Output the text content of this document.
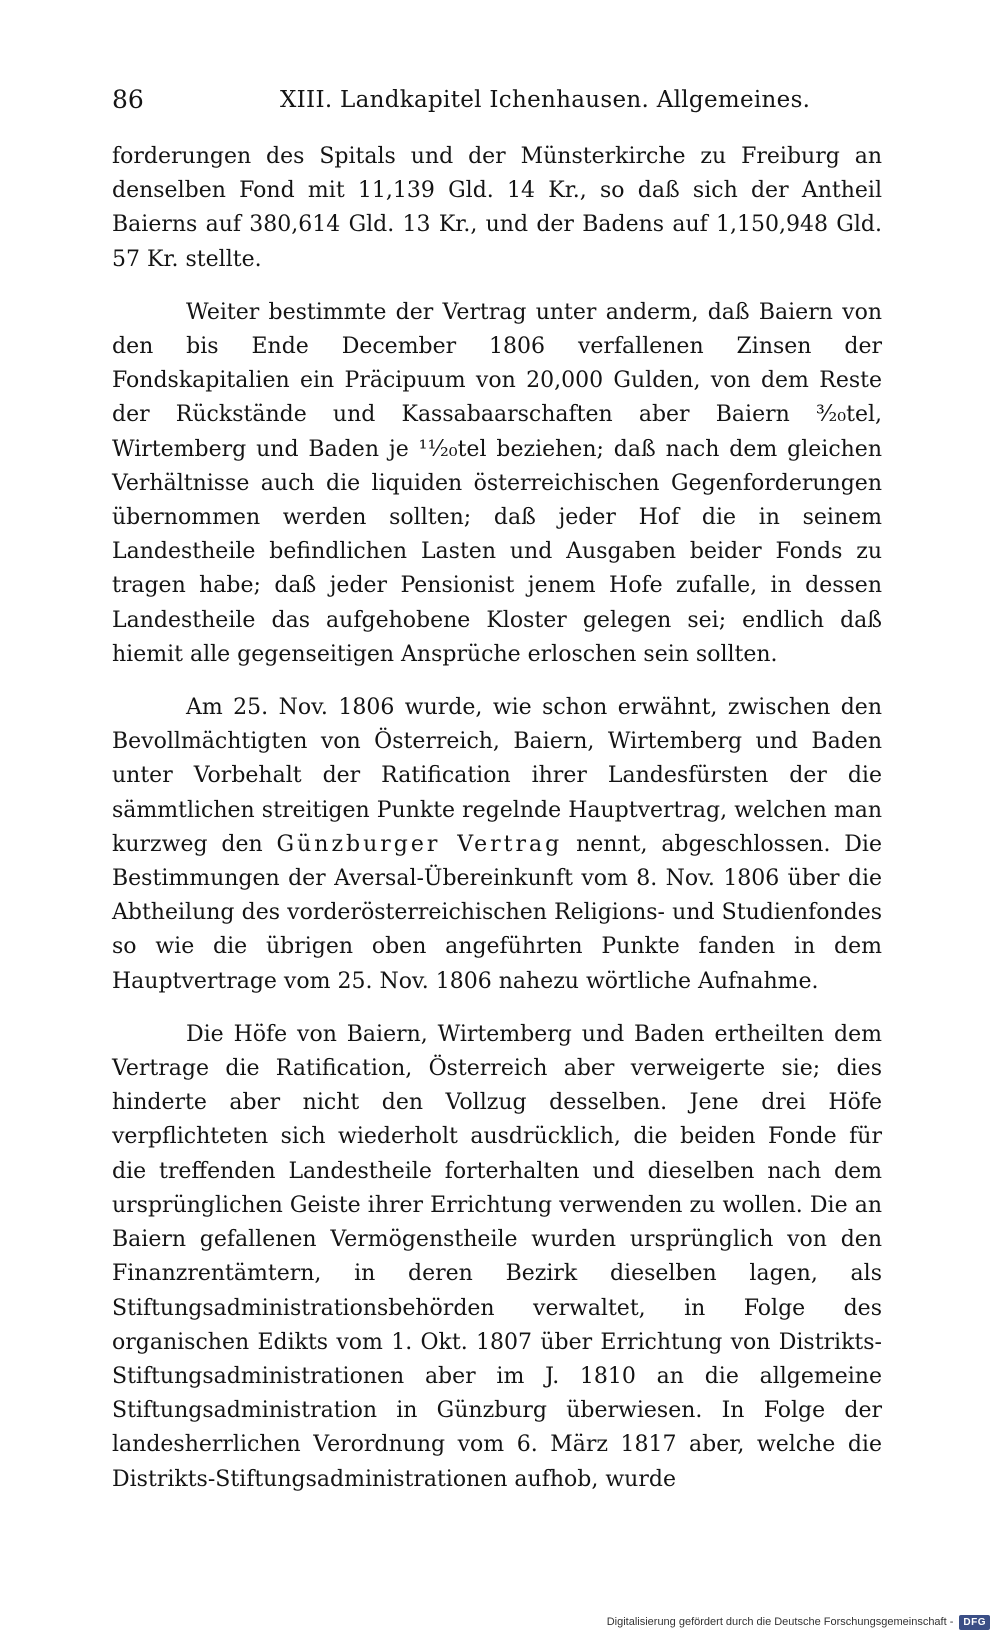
86	XIII. Landkapitel Ichenhausen. Allgemeines.

forderungen des Spitals und der Münsterkirche zu Freiburg an denselben Fond mit 11,139 Gld. 14 Kr., so daß sich der Antheil Baierns auf 380,614 Gld. 13 Kr., und der Badens auf 1,150,948 Gld. 57 Kr. stellte.

Weiter bestimmte der Vertrag unter anderm, daß Baiern von den bis Ende December 1806 verfallenen Zinsen der Fondskapitalien ein Präcipuum von 20,000 Gulden, von dem Reste der Rückstände und Kassabaarschaften aber Baiern ³⁄₂₀tel, Wirtemberg und Baden je ¹¹⁄₂₀tel beziehen; daß nach dem gleichen Verhältnisse auch die liquiden österreichischen Gegenforderungen übernommen werden sollten; daß jeder Hof die in seinem Landestheile befindlichen Lasten und Ausgaben beider Fonds zu tragen habe; daß jeder Pensionist jenem Hofe zufalle, in dessen Landestheile das aufgehobene Kloster gelegen sei; endlich daß hiemit alle gegenseitigen Ansprüche erloschen sein sollten.

Am 25. Nov. 1806 wurde, wie schon erwähnt, zwischen den Bevollmächtigten von Österreich, Baiern, Wirtemberg und Baden unter Vorbehalt der Ratification ihrer Landesfürsten der die sämmtlichen streitigen Punkte regelnde Hauptvertrag, welchen man kurzweg den Günzburger Vertrag nennt, abgeschlossen. Die Bestimmungen der Aversal-Übereinkunft vom 8. Nov. 1806 über die Abtheilung des vorderösterreichischen Religions- und Studienfondes so wie die übrigen oben angeführten Punkte fanden in dem Hauptvertrage vom 25. Nov. 1806 nahezu wörtliche Aufnahme.

Die Höfe von Baiern, Wirtemberg und Baden ertheilten dem Vertrage die Ratification, Österreich aber verweigerte sie; dies hinderte aber nicht den Vollzug desselben. Jene drei Höfe verpflichteten sich wiederholt ausdrücklich, die beiden Fonde für die treffenden Landestheile forterhalten und dieselben nach dem ursprünglichen Geiste ihrer Errichtung verwenden zu wollen. Die an Baiern gefallenen Vermögenstheile wurden ursprünglich von den Finanzrentämtern, in deren Bezirk dieselben lagen, als Stiftungsadministrationsbehörden verwaltet, in Folge des organischen Edikts vom 1. Okt. 1807 über Errichtung von Distrikts-Stiftungsadministrationen aber im J. 1810 an die allgemeine Stiftungsadministration in Günzburg überwiesen. In Folge der landesherrlichen Verordnung vom 6. März 1817 aber, welche die Distrikts-Stiftungsadministrationen aufhob, wurde

Digitalisierung gefördert durch die Deutsche Forschungsgemeinschaft -	DFG
